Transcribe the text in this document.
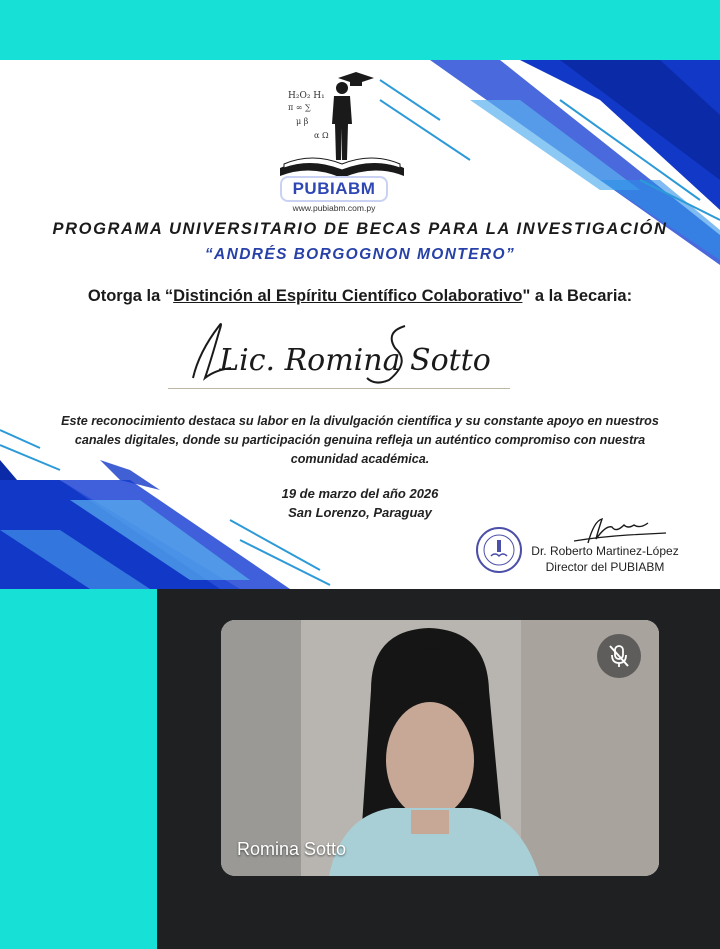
H₂O₂ H₁
π ∞ ∑
μ β
α Ω
PUBIABM
www.pubiabm.com.py
PROGRAMA UNIVERSITARIO DE BECAS PARA LA INVESTIGACIÓN
“ANDRÉS BORGOGNON MONTERO”
Otorga la “Distinción al Espíritu Científico Colaborativo" a la Becaria:
Lic. Romina Sotto
Este reconocimiento destaca su labor en la divulgación científica y su constante apoyo en nuestros canales digitales, donde su participación genuina refleja un auténtico compromiso con nuestra comunidad académica.
19 de marzo del año 2026
San Lorenzo, Paraguay
Dr. Roberto Martinez-López
Director del PUBIABM
Romina Sotto
